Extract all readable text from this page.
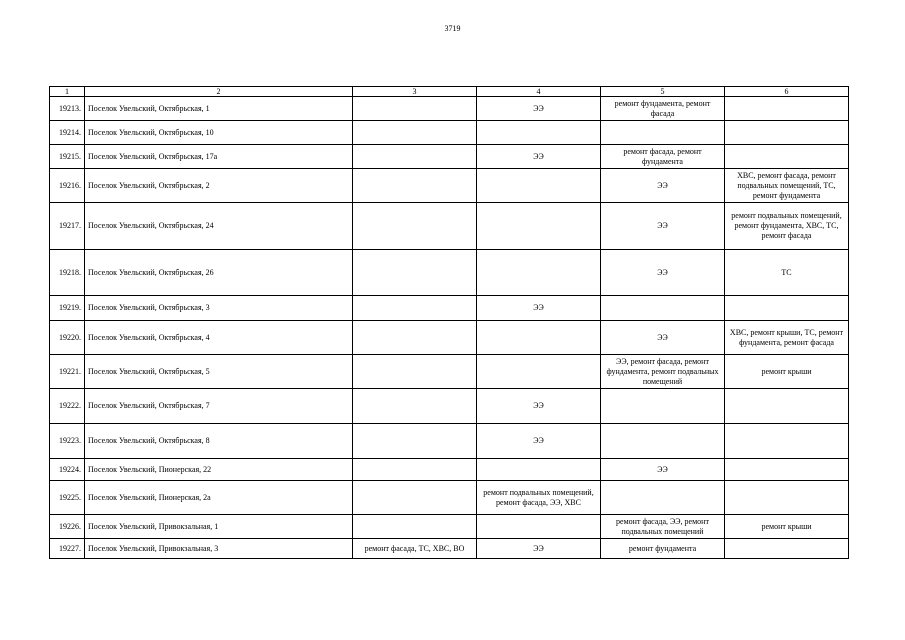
3719
1	2	3	4	5	6
19213.	Поселок Увельский, Октябрьская, 1		ЭЭ	ремонт фундамента, ремонт фасада	
19214.	Поселок Увельский, Октябрьская, 10				
19215.	Поселок Увельский, Октябрьская, 17а		ЭЭ	ремонт фасада, ремонт фундамента	
19216.	Поселок Увельский, Октябрьская, 2			ЭЭ	ХВС, ремонт фасада, ремонт подвальных помещений, ТС, ремонт фундамента
19217.	Поселок Увельский, Октябрьская, 24			ЭЭ	ремонт подвальных помещений, ремонт фундамента, ХВС, ТС, ремонт фасада
19218.	Поселок Увельский, Октябрьская, 26			ЭЭ	ТС
19219.	Поселок Увельский, Октябрьская, 3		ЭЭ		
19220.	Поселок Увельский, Октябрьская, 4			ЭЭ	ХВС, ремонт крыши, ТС, ремонт фундамента, ремонт фасада
19221.	Поселок Увельский, Октябрьская, 5			ЭЭ, ремонт фасада, ремонт фундамента, ремонт подвальных помещений	ремонт крыши
19222.	Поселок Увельский, Октябрьская, 7		ЭЭ		
19223.	Поселок Увельский, Октябрьская, 8		ЭЭ		
19224.	Поселок Увельский, Пионерская, 22			ЭЭ	
19225.	Поселок Увельский, Пионерская, 2а		ремонт подвальных помещений, ремонт фасада, ЭЭ, ХВС		
19226.	Поселок Увельский, Привокзальная, 1			ремонт фасада, ЭЭ, ремонт подвальных помещений	ремонт крыши
19227.	Поселок Увельский, Привокзальная, 3	ремонт фасада, ТС, ХВС, ВО	ЭЭ	ремонт фундамента	
